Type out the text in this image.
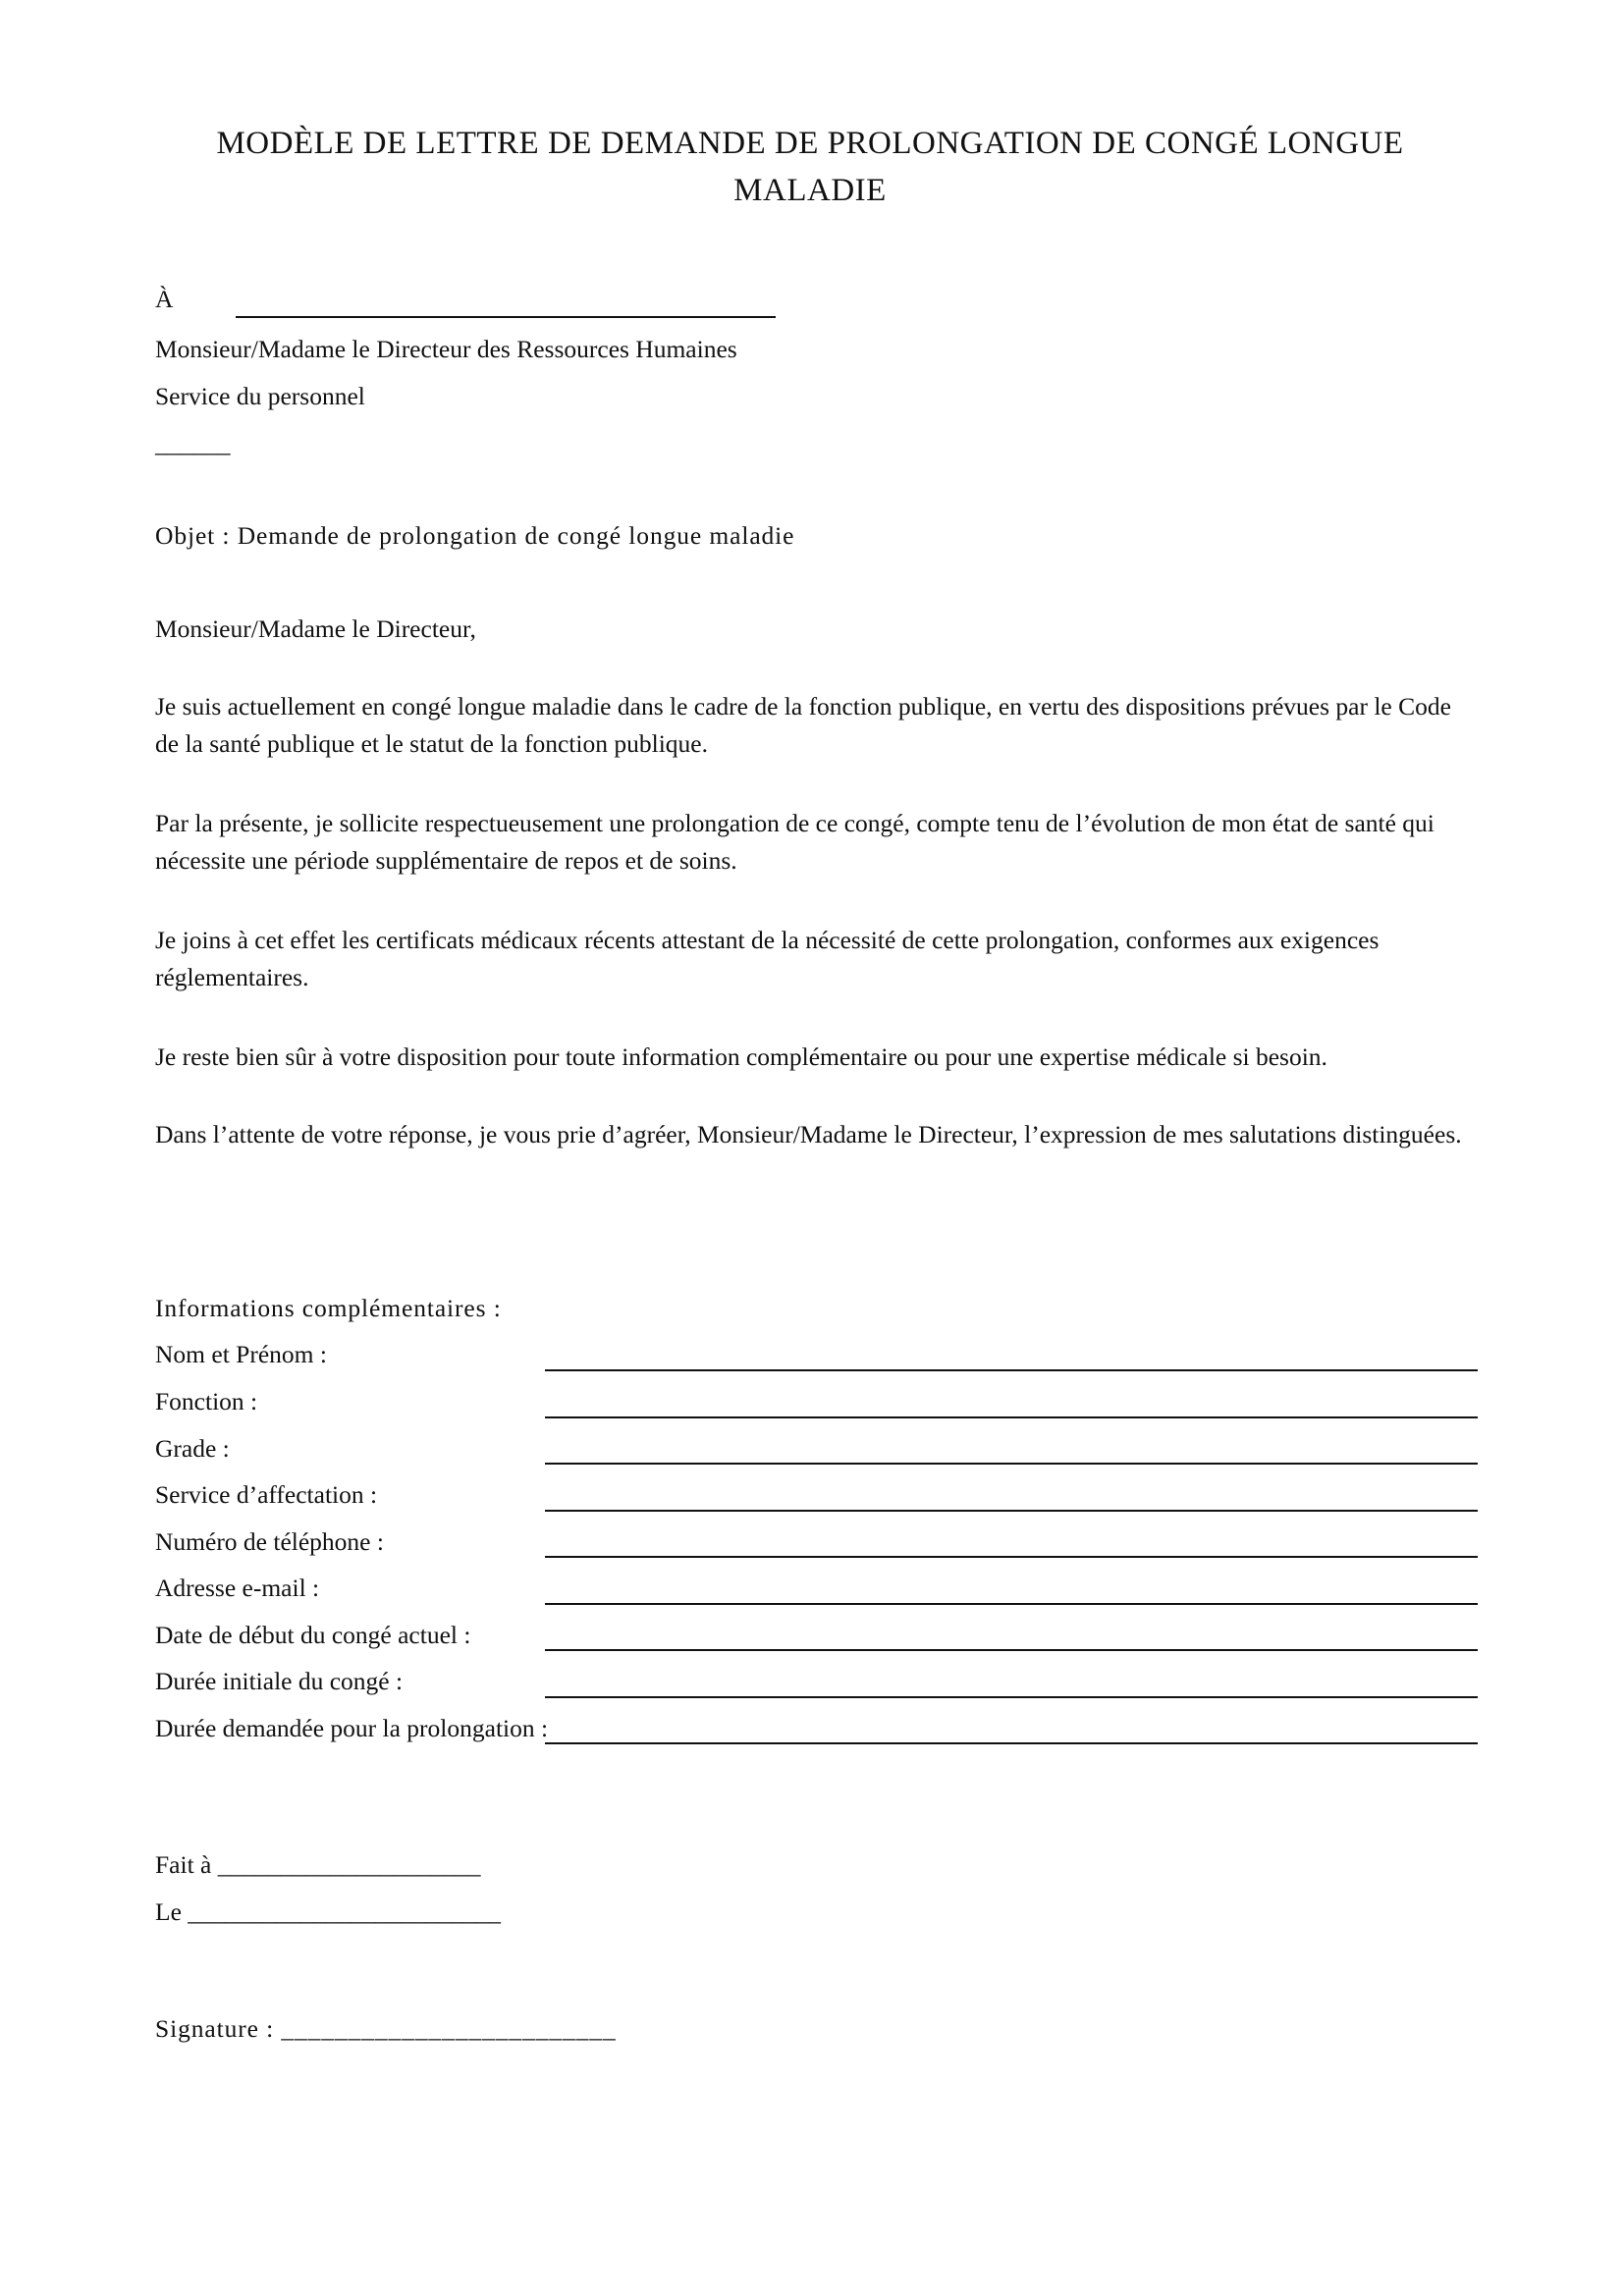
MODÈLE DE LETTRE DE DEMANDE DE PROLONGATION DE CONGÉ LONGUE MALADIE
À
Monsieur/Madame le Directeur des Ressources Humaines
Service du personnel
______
Objet : Demande de prolongation de congé longue maladie
Monsieur/Madame le Directeur,
Je suis actuellement en congé longue maladie dans le cadre de la fonction publique, en vertu des dispositions prévues par le Code de la santé publique et le statut de la fonction publique.
Par la présente, je sollicite respectueusement une prolongation de ce congé, compte tenu de l’évolution de mon état de santé qui nécessite une période supplémentaire de repos et de soins.
Je joins à cet effet les certificats médicaux récents attestant de la nécessité de cette prolongation, conformes aux exigences réglementaires.
Je reste bien sûr à votre disposition pour toute information complémentaire ou pour une expertise médicale si besoin.
Dans l’attente de votre réponse, je vous prie d’agréer, Monsieur/Madame le Directeur, l’expression de mes salutations distinguées.
Informations complémentaires :
Nom et Prénom :
Fonction :
Grade :
Service d’affectation :
Numéro de téléphone :
Adresse e-mail :
Date de début du congé actuel :
Durée initiale du congé :
Durée demandée pour la prolongation :
Fait à _____________________
Le _________________________
Signature : _________________________
